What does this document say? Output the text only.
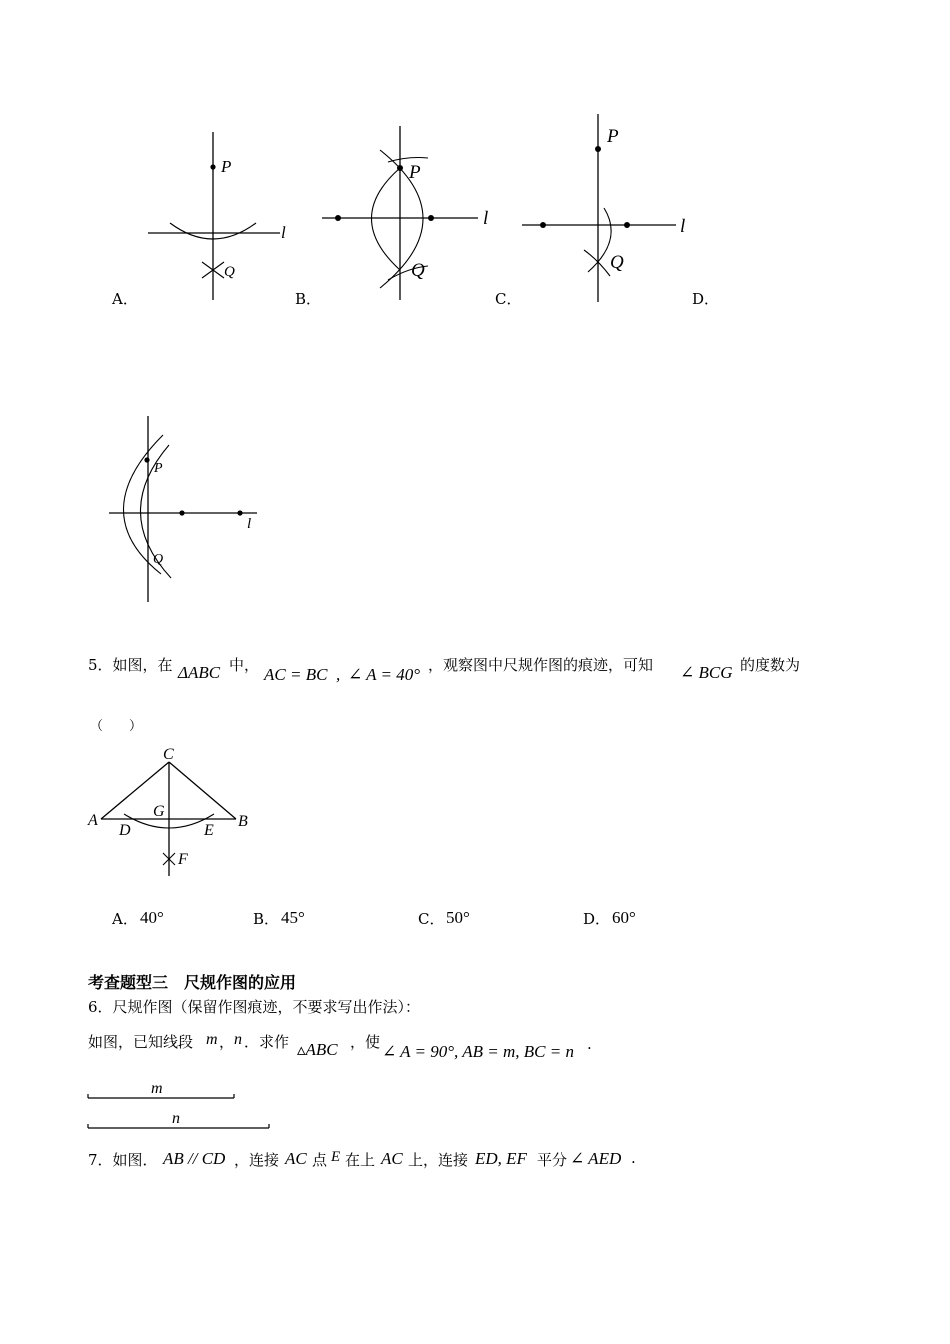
P
Q
l
A．
P
Q
l
B．
P
Q
l
C．	D．
P
Q
l
5．如图，在 ΔABC 中， AC = BC , ∠ A = 40° ，观察图中尺规作图的痕迹，可知 ∠ BCG 的度数为
（　　）
C
A	B
D	E
G
F
A． 40°	B． 45°	C． 50°	D． 60°
考查题型三　尺规作图的应用
6．尺规作图（保留作图痕迹，不要求写出作法）：
如图，已知线段 m ， n ．求作 ▵ABC ，使 ∠ A = 90°, AB = m, BC = n .
m
n
7．如图． AB // CD ，连接 AC 点 E 在上 AC 上，连接 ED, EF 平分 ∠ AED .
